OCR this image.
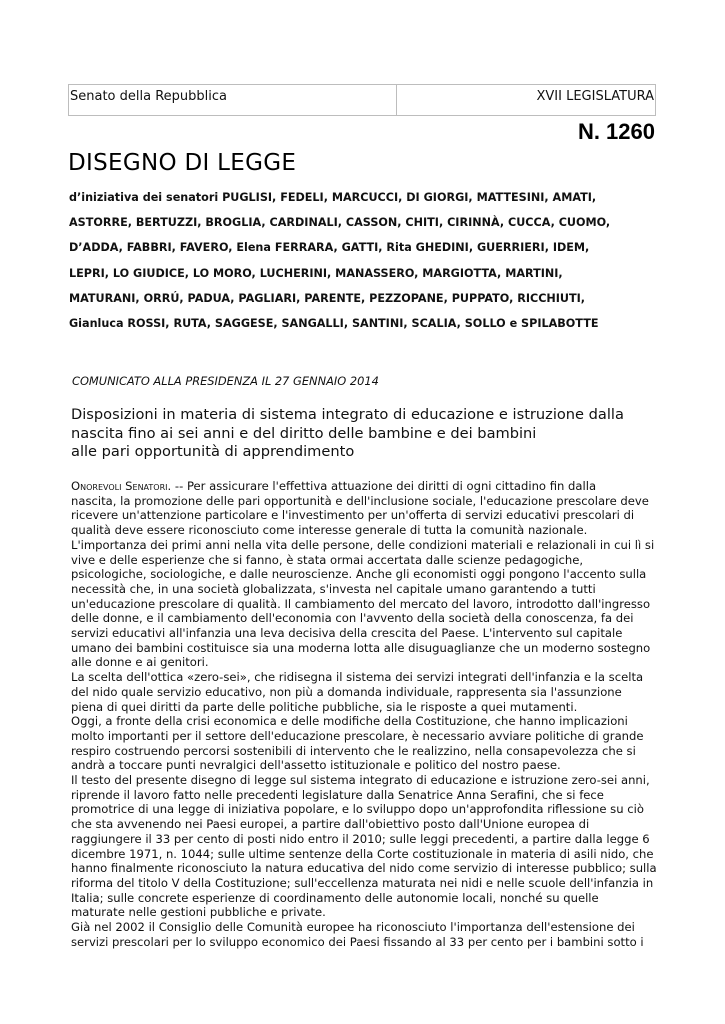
Senato della Repubblica	XVII LEGISLATURA
N. 1260
DISEGNO DI LEGGE
d’iniziativa dei senatori PUGLISI, FEDELI, MARCUCCI, DI GIORGI, MATTESINI, AMATI,
ASTORRE, BERTUZZI, BROGLIA, CARDINALI, CASSON, CHITI, CIRINNÀ, CUCCA, CUOMO,
D’ADDA, FABBRI, FAVERO, Elena FERRARA, GATTI, Rita GHEDINI, GUERRIERI, IDEM,
LEPRI, LO GIUDICE, LO MORO, LUCHERINI, MANASSERO, MARGIOTTA, MARTINI,
MATURANI, ORRÚ, PADUA, PAGLIARI, PARENTE, PEZZOPANE, PUPPATO, RICCHIUTI,
Gianluca ROSSI, RUTA, SAGGESE, SANGALLI, SANTINI, SCALIA, SOLLO e SPILABOTTE
COMUNICATO ALLA PRESIDENZA IL 27 GENNAIO 2014
Disposizioni in materia di sistema integrato di educazione e istruzione dalla
nascita fino ai sei anni e del diritto delle bambine e dei bambini
alle pari opportunità di apprendimento
Onorevoli Senatori. -- Per assicurare l'effettiva attuazione dei diritti di ogni cittadino fin dalla
nascita, la promozione delle pari opportunità e dell'inclusione sociale, l'educazione prescolare deve
ricevere un'attenzione particolare e l'investimento per un'offerta di servizi educativi prescolari di
qualità deve essere riconosciuto come interesse generale di tutta la comunità nazionale.
L'importanza dei primi anni nella vita delle persone, delle condizioni materiali e relazionali in cui lì si
vive e delle esperienze che si fanno, è stata ormai accertata dalle scienze pedagogiche,
psicologiche, sociologiche, e dalle neuroscienze. Anche gli economisti oggi pongono l'accento sulla
necessità che, in una società globalizzata, s'investa nel capitale umano garantendo a tutti
un'educazione prescolare di qualità. Il cambiamento del mercato del lavoro, introdotto dall'ingresso
delle donne, e il cambiamento dell'economia con l'avvento della società della conoscenza, fa dei
servizi educativi all'infanzia una leva decisiva della crescita del Paese. L'intervento sul capitale
umano dei bambini costituisce sia una moderna lotta alle disuguaglianze che un moderno sostegno
alle donne e ai genitori.
La scelta dell'ottica «zero-sei», che ridisegna il sistema dei servizi integrati dell'infanzia e la scelta
del nido quale servizio educativo, non più a domanda individuale, rappresenta sia l'assunzione
piena di quei diritti da parte delle politiche pubbliche, sia le risposte a quei mutamenti.
Oggi, a fronte della crisi economica e delle modifiche della Costituzione, che hanno implicazioni
molto importanti per il settore dell'educazione prescolare, è necessario avviare politiche di grande
respiro costruendo percorsi sostenibili di intervento che le realizzino, nella consapevolezza che si
andrà a toccare punti nevralgici dell'assetto istituzionale e politico del nostro paese.
Il testo del presente disegno di legge sul sistema integrato di educazione e istruzione zero-sei anni,
riprende il lavoro fatto nelle precedenti legislature dalla Senatrice Anna Serafini, che si fece
promotrice di una legge di iniziativa popolare, e lo sviluppo dopo un'approfondita riflessione su ciò
che sta avvenendo nei Paesi europei, a partire dall'obiettivo posto dall'Unione europea di
raggiungere il 33 per cento di posti nido entro il 2010; sulle leggi precedenti, a partire dalla legge 6
dicembre 1971, n. 1044; sulle ultime sentenze della Corte costituzionale in materia di asili nido, che
hanno finalmente riconosciuto la natura educativa del nido come servizio di interesse pubblico; sulla
riforma del titolo V della Costituzione; sull'eccellenza maturata nei nidi e nelle scuole dell'infanzia in
Italia; sulle concrete esperienze di coordinamento delle autonomie locali, nonché su quelle
maturate nelle gestioni pubbliche e private.
Già nel 2002 il Consiglio delle Comunità europee ha riconosciuto l'importanza dell'estensione dei
servizi prescolari per lo sviluppo economico dei Paesi fissando al 33 per cento per i bambini sotto i
